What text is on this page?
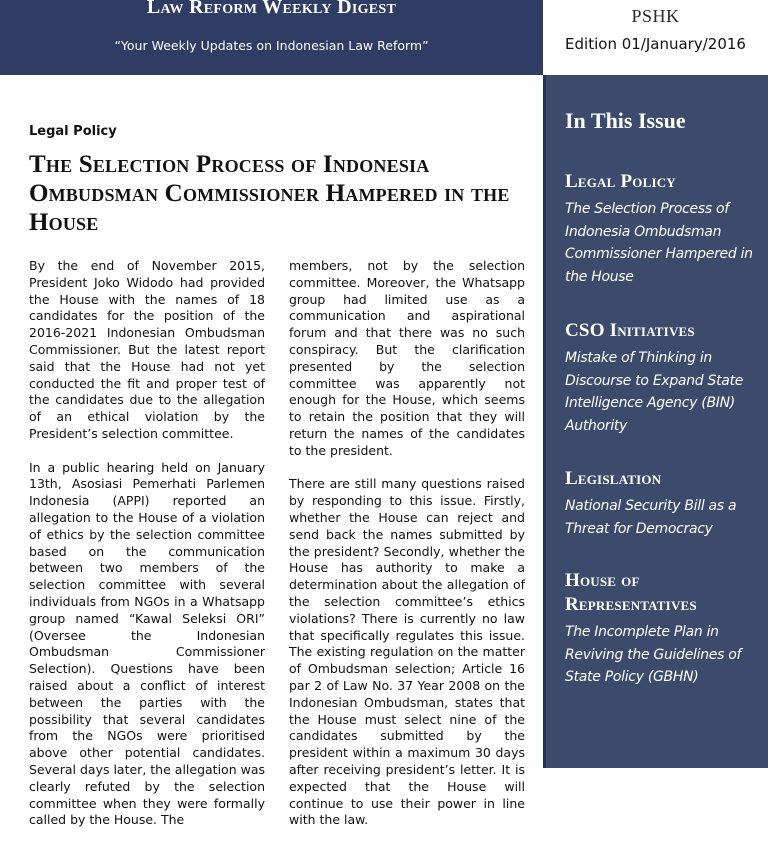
Law Reform Weekly Digest
“Your Weekly Updates on Indonesian Law Reform”
PSHK
Edition 01/January/2016
Legal Policy
The Selection Process of Indonesia Ombudsman Commissioner Hampered in the House

By the end of November 2015, President Joko Widodo had provided the House with the names of 18 candidates for the position of the 2016-2021 Indonesian Ombudsman Commissioner. But the latest report said that the House had not yet conducted the fit and proper test of the candidates due to the allegation of an ethical violation by the President’s selection committee.

In a public hearing held on January 13th, Asosiasi Pemerhati Parlemen Indonesia (APPI) reported an allegation to the House of a violation of ethics by the selection committee based on the communication between two members of the selection committee with several individuals from NGOs in a Whatsapp group named “Kawal Seleksi ORI” (Oversee the Indonesian Ombudsman Commissioner Selection). Questions have been raised about a conflict of interest between the parties with the possibility that several candidates from the NGOs were prioritised above other potential candidates. Several days later, the allegation was clearly refuted by the selection committee when they were formally called by the House. The

members, not by the selection committee. Moreover, the Whatsapp group had limited use as a communication and aspirational forum and that there was no such conspiracy. But the clarification presented by the selection committee was apparently not enough for the House, which seems to retain the position that they will return the names of the candidates to the president.

There are still many questions raised by responding to this issue. Firstly, whether the House can reject and send back the names submitted by the president? Secondly, whether the House has authority to make a determination about the allegation of the selection committee’s ethics violations? There is currently no law that specifically regulates this issue. The existing regulation on the matter of Ombudsman selection; Article 16 par 2 of Law No. 37 Year 2008 on the Indonesian Ombudsman, states that the House must select nine of the candidates submitted by the president within a maximum 30 days after receiving president’s letter. It is expected that the House will continue to use their power in line with the law.

In This Issue
Legal Policy
The Selection Process of Indonesia Ombudsman Commissioner Hampered in the House
CSO Initiatives
Mistake of Thinking in Discourse to Expand State Intelligence Agency (BIN) Authority
Legislation
National Security Bill as a Threat for Democracy
House of Representatives
The Incomplete Plan in Reviving the Guidelines of State Policy (GBHN)
